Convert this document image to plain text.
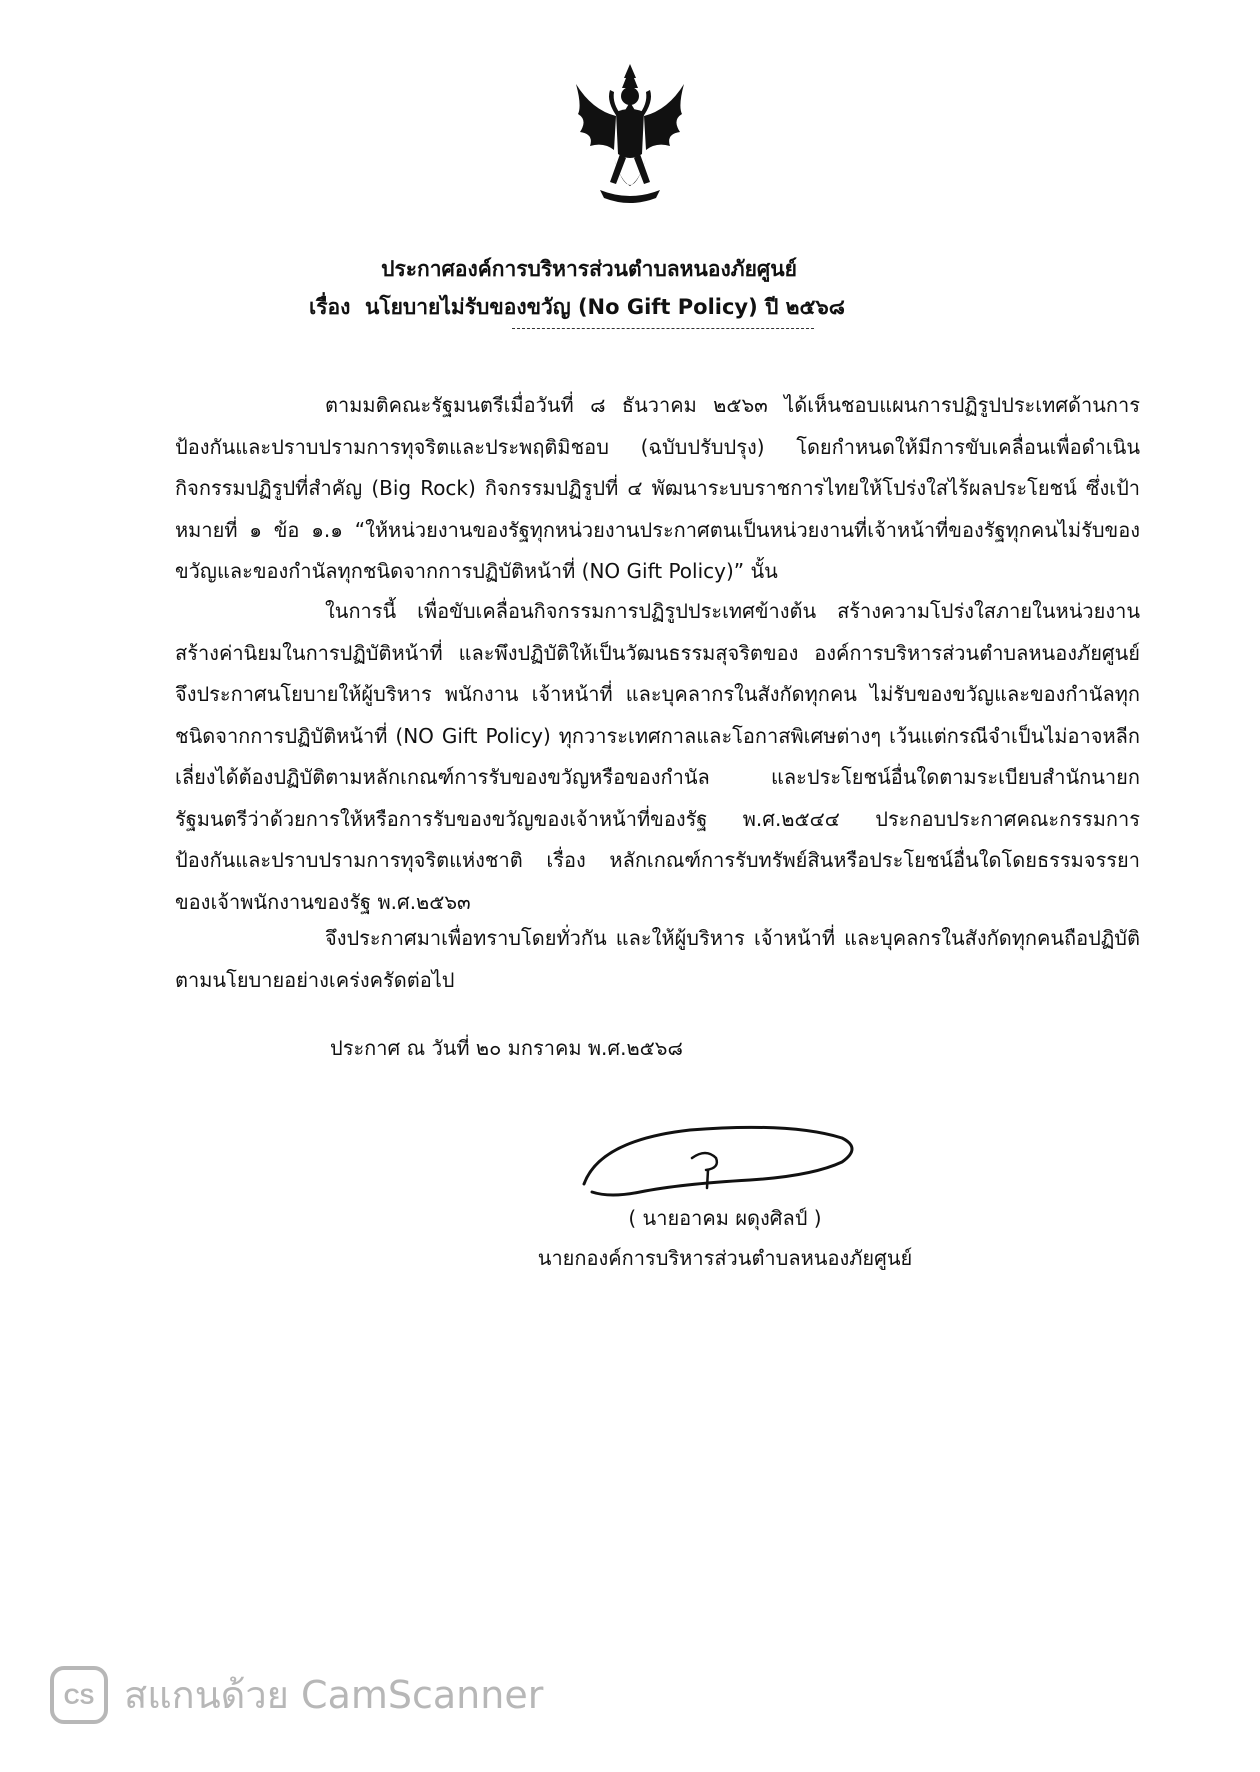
ประกาศองค์การบริหารส่วนตำบลหนองภัยศูนย์
เรื่อง นโยบายไม่รับของขวัญ (No Gift Policy) ปี ๒๕๖๘
ตามมติคณะรัฐมนตรีเมื่อวันที่ ๘ ธันวาคม ๒๕๖๓ ได้เห็นชอบแผนการปฏิรูปประเทศด้านการป้องกันและปราบปรามการทุจริตและประพฤติมิชอบ (ฉบับปรับปรุง) โดยกำหนดให้มีการขับเคลื่อนเพื่อดำเนินกิจกรรมปฏิรูปที่สำคัญ (Big Rock) กิจกรรมปฏิรูปที่ ๔ พัฒนาระบบราชการไทยให้โปร่งใสไร้ผลประโยชน์ ซึ่งเป้าหมายที่ ๑ ข้อ ๑.๑ “ให้หน่วยงานของรัฐทุกหน่วยงานประกาศตนเป็นหน่วยงานที่เจ้าหน้าที่ของรัฐทุกคนไม่รับของขวัญและของกำนัลทุกชนิดจากการปฏิบัติหน้าที่ (NO Gift Policy)” นั้น
ในการนี้ เพื่อขับเคลื่อนกิจกรรมการปฏิรูปประเทศข้างต้น สร้างความโปร่งใสภายในหน่วยงาน สร้างค่านิยมในการปฏิบัติหน้าที่ และพึงปฏิบัติให้เป็นวัฒนธรรมสุจริตของ องค์การบริหารส่วนตำบลหนองภัยศูนย์ จึงประกาศนโยบายให้ผู้บริหาร พนักงาน เจ้าหน้าที่ และบุคลากรในสังกัดทุกคน ไม่รับของขวัญและของกำนัลทุกชนิดจากการปฏิบัติหน้าที่ (NO Gift Policy) ทุกวาระเทศกาลและโอกาสพิเศษต่างๆ เว้นแต่กรณีจำเป็นไม่อาจหลีกเลี่ยงได้ต้องปฏิบัติตามหลักเกณฑ์การรับของขวัญหรือของกำนัล และประโยชน์อื่นใดตามระเบียบสำนักนายกรัฐมนตรีว่าด้วยการให้หรือการรับของขวัญของเจ้าหน้าที่ของรัฐ พ.ศ.๒๕๔๔ ประกอบประกาศคณะกรรมการป้องกันและปราบปรามการทุจริตแห่งชาติ เรื่อง หลักเกณฑ์การรับทรัพย์สินหรือประโยชน์อื่นใดโดยธรรมจรรยาของเจ้าพนักงานของรัฐ พ.ศ.๒๕๖๓
จึงประกาศมาเพื่อทราบโดยทั่วกัน และให้ผู้บริหาร เจ้าหน้าที่ และบุคลกรในสังกัดทุกคนถือปฏิบัติตามนโยบายอย่างเคร่งครัดต่อไป
ประกาศ ณ วันที่ ๒๐ มกราคม พ.ศ.๒๕๖๘
( นายอาคม ผดุงศิลป์ )
นายกองค์การบริหารส่วนตำบลหนองภัยศูนย์
CS สแกนด้วย CamScanner
